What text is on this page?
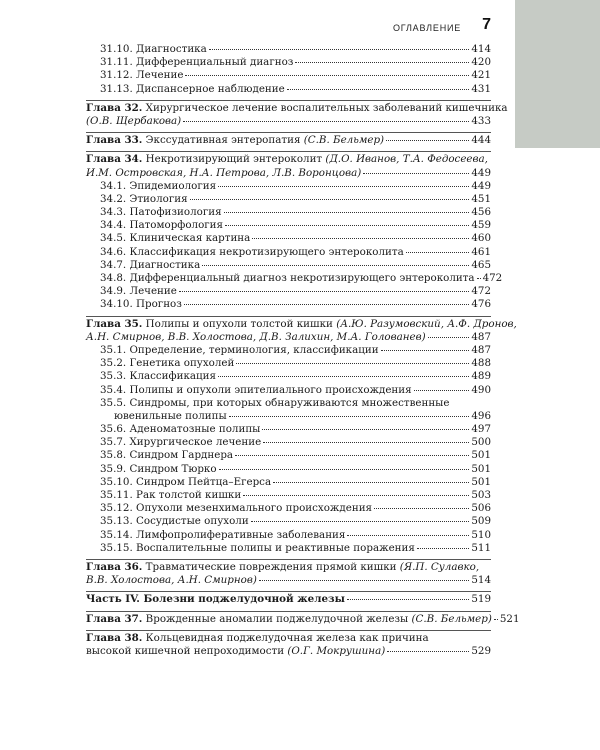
ОГЛАВЛЕНИЕ 7
31.10. Диагностика	414
31.11. Дифференциальный диагноз	420
31.12. Лечение	421
31.13. Диспансерное наблюдение	431
Глава 32. Хирургическое лечение воспалительных заболеваний кишечника
(О.В. Щербакова)	433
Глава 33. Экссудативная энтеропатия (С.В. Бельмер)	444
Глава 34. Некротизирующий энтероколит (Д.О. Иванов, Т.А. Федосеева,
И.М. Островская, Н.А. Петрова, Л.В. Воронцова)	449
34.1. Эпидемиология	449
34.2. Этиология	451
34.3. Патофизиология	456
34.4. Патоморфология	459
34.5. Клиническая картина	460
34.6. Классификация некротизирующего энтероколита	461
34.7. Диагностика	465
34.8. Дифференциальный диагноз некротизирующего энтероколита 472
34.9. Лечение	472
34.10. Прогноз	476
Глава 35. Полипы и опухоли толстой кишки (А.Ю. Разумовский, А.Ф. Дронов,
А.Н. Смирнов, В.В. Холостова, Д.В. Залихин, М.А. Голованев)	487
35.1. Определение, терминология, классификации	487
35.2. Генетика опухолей	488
35.3. Классификация	489
35.4. Полипы и опухоли эпителиального происхождения	490
35.5. Синдромы, при которых обнаруживаются множественные
ювенильные полипы	496
35.6. Аденоматозные полипы	497
35.7. Хирургическое лечение	500
35.8. Синдром Гарднера	501
35.9. Синдром Тюрко	501
35.10. Синдром Пейтца–Егерса	501
35.11. Рак толстой кишки	503
35.12. Опухоли мезенхимального происхождения	506
35.13. Сосудистые опухоли	509
35.14. Лимфопролиферативные заболевания	510
35.15. Воспалительные полипы и реактивные поражения	511
Глава 36. Травматические повреждения прямой кишки (Я.П. Сулавко,
В.В. Холостова, А.Н. Смирнов)	514
Часть IV. Болезни поджелудочной железы	519
Глава 37. Врожденные аномалии поджелудочной железы (С.В. Бельмер) 521
Глава 38. Кольцевидная поджелудочная железа как причина
высокой кишечной непроходимости (О.Г. Мокрушина)	529
